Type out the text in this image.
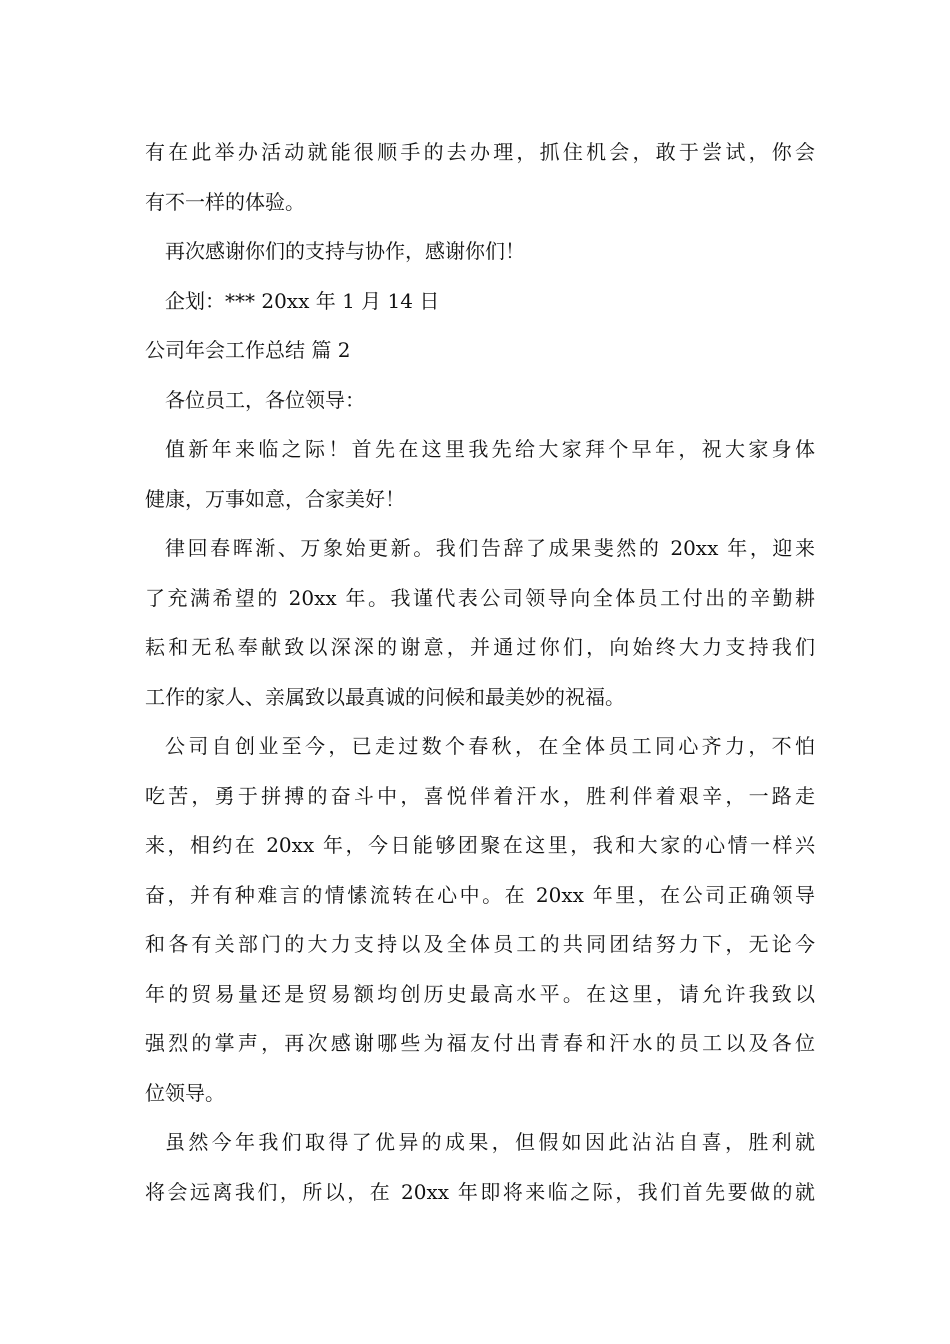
有在此举办活动就能很顺手的去办理，抓住机会，敢于尝试，你会
有不一样的体验。
再次感谢你们的支持与协作，感谢你们！
企划：*** 20xx 年 1 月 14 日
公司年会工作总结 篇 2
各位员工，各位领导：
值新年来临之际！首先在这里我先给大家拜个早年，祝大家身体
健康，万事如意，合家美好！
律回春晖渐、万象始更新。我们告辞了成果斐然的 20xx 年，迎来
了充满希望的 20xx 年。我谨代表公司领导向全体员工付出的辛勤耕
耘和无私奉献致以深深的谢意，并通过你们，向始终大力支持我们
工作的家人、亲属致以最真诚的问候和最美妙的祝福。
公司自创业至今，已走过数个春秋，在全体员工同心齐力，不怕
吃苦，勇于拼搏的奋斗中，喜悦伴着汗水，胜利伴着艰辛，一路走
来，相约在 20xx 年，今日能够团聚在这里，我和大家的心情一样兴
奋，并有种难言的情愫流转在心中。在 20xx 年里，在公司正确领导
和各有关部门的大力支持以及全体员工的共同团结努力下，无论今
年的贸易量还是贸易额均创历史最高水平。在这里，请允许我致以
强烈的掌声，再次感谢哪些为福友付出青春和汗水的员工以及各位
位领导。
虽然今年我们取得了优异的成果，但假如因此沾沾自喜，胜利就
将会远离我们，所以，在 20xx 年即将来临之际，我们首先要做的就
